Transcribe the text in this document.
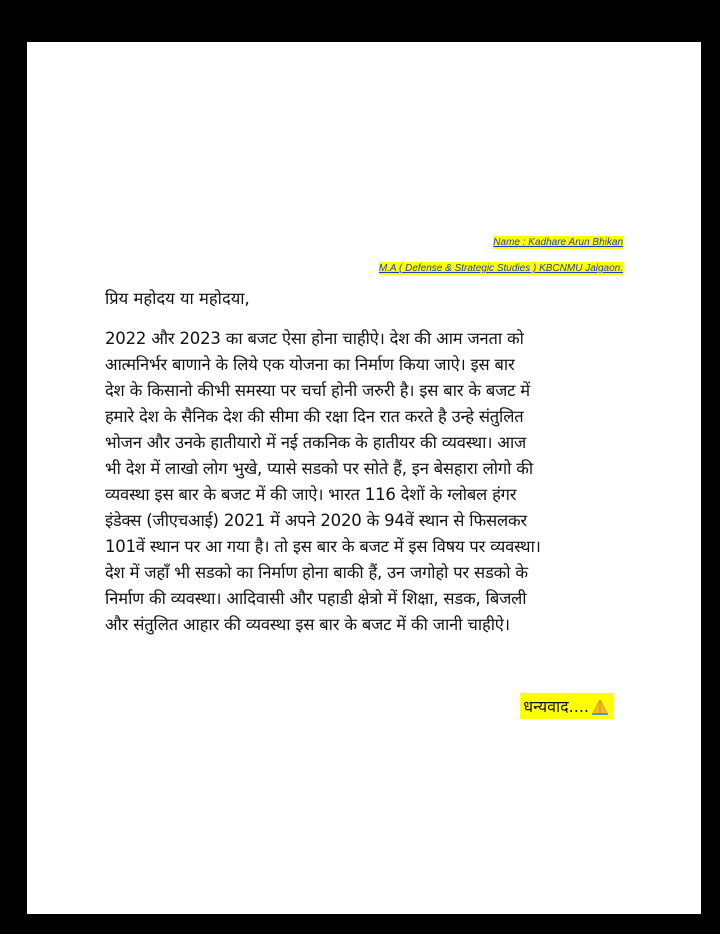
Name : Kadhare Arun Bhikan
M.A ( Defense & Strategic Studies ) KBCNMU Jalgaon.
प्रिय महोदय या महोदया,
2022 और 2023 का बजट ऐसा होना चाहीऐ। देश की आम जनता को
आत्मनिर्भर बाणाने के लिये एक योजना का निर्माण किया जाऐ। इस बार
देश के किसानो कीभी समस्या पर चर्चा होनी जरुरी है। इस बार के बजट में
हमारे देश के सैनिक देश की सीमा की रक्षा दिन रात करते है उन्हे संतुलित
भोजन और उनके हातीयारो में नई तकनिक के हातीयर की व्यवस्था। आज
भी देश में लाखो लोग भुखे, प्यासे सडको पर सोते हैं, इन बेसहारा लोगो की
व्यवस्था इस बार के बजट में की जाऐ। भारत 116 देशों के ग्लोबल हंगर
इंडेक्स (जीएचआई) 2021 में अपने 2020 के 94वें स्थान से फिसलकर
101वें स्थान पर आ गया है। तो इस बार के बजट में इस विषय पर व्यवस्था।
देश में जहाँ भी सडको का निर्माण होना बाकी हैं, उन जगोहो पर सडको के
निर्माण की व्यवस्था। आदिवासी और पहाडी क्षेत्रो में शिक्षा, सडक, बिजली
और संतुलित आहार की व्यवस्था इस बार के बजट में की जानी चाहीऐ।
धन्यवाद....
